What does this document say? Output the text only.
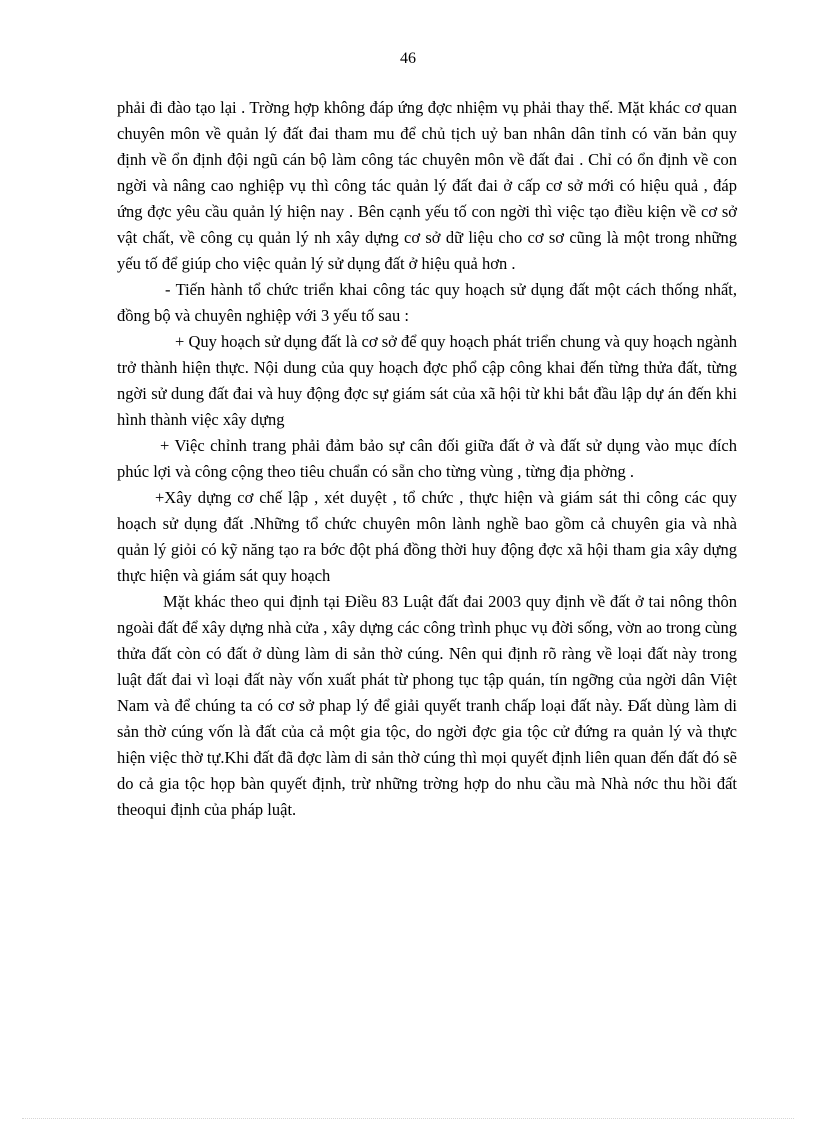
46

phải đi đào tạo lại . Trờng hợp không đáp ứng đợc nhiệm vụ phải thay thế. Mặt khác cơ quan chuyên môn về quản lý đất đai tham mu để chủ tịch uỷ ban nhân dân tỉnh có văn bản quy định về ổn định đội ngũ cán bộ làm công tác chuyên môn về đất đai . Chỉ có ổn định về con ngời và nâng cao nghiệp vụ thì công tác quản lý đất đai ở cấp cơ sở mới có hiệu quả , đáp ứng đợc yêu cầu quản lý hiện nay . Bên cạnh yếu tố con ngời thì việc tạo điều kiện về cơ sở vật chất, về công cụ quản lý nh xây dựng cơ sở dữ liệu cho cơ sơ cũng là một trong những yếu tố để giúp cho việc quản lý sử dụng đất ở hiệu quả hơn .

- Tiến hành tổ chức triển khai công tác quy hoạch sử dụng đất một cách thống nhất, đồng bộ và chuyên nghiệp với 3 yếu tố sau :

+ Quy hoạch sử dụng đất là cơ sở để quy hoạch phát triển chung và quy hoạch ngành trở thành hiện thực. Nội dung của quy hoạch đợc phổ cập công khai đến từng thửa đất, từng ngời sử dung đất đai và huy động đợc sự giám sát của xã hội từ khi bắt đầu lập dự án đến khi hình thành việc xây dựng

+ Việc chỉnh trang phải đảm bảo sự cân đối giữa đất ở và đất sử dụng vào mục đích phúc lợi và công cộng theo tiêu chuẩn có sẵn cho từng vùng , từng địa phờng .

+Xây dựng cơ chế lập , xét duyệt , tổ chức , thực hiện và giám sát thi công các quy hoạch sử dụng đất .Những tổ chức chuyên môn lành nghề bao gồm cả chuyên gia và nhà quản lý giỏi có kỹ năng tạo ra bớc đột phá đồng thời huy động đợc xã hội tham gia xây dựng thực hiện và giám sát quy hoạch

Mặt khác theo qui định tại Điều 83 Luật đất đai 2003 quy định về đất ở tai nông thôn ngoài đất để xây dựng nhà cửa , xây dựng các công trình phục vụ đời sống, vờn ao trong cùng thửa đất còn có đất ở dùng làm di sản thờ cúng. Nên qui định rõ ràng về loại đất này trong luật đất đai vì loại đất này vốn xuất phát từ phong tục tập quán, tín ngỡng của ngời dân Việt Nam và để chúng ta có cơ sở phap lý để giải quyết tranh chấp loại đất này. Đất dùng làm di sản thờ cúng vốn là đất của cả một gia tộc, do ngời đợc gia tộc cử đứng ra quản lý và thực hiện việc thờ tự.Khi đất đã đợc làm di sản thờ cúng thì mọi quyết định liên quan đến đất đó sẽ do cả gia tộc họp bàn quyết định, trừ những trờng hợp do nhu cầu mà Nhà nớc thu hồi đất theoqui định của pháp luật.
